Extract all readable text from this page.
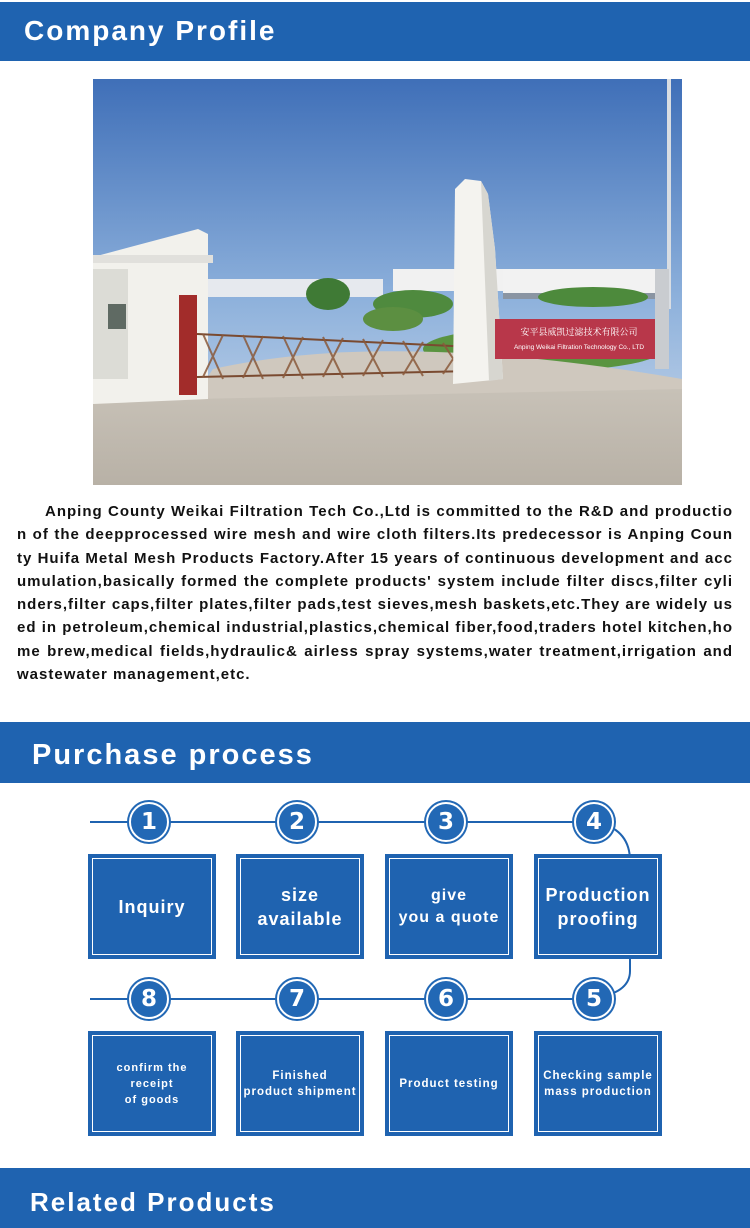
Company Profile
安平县威凯过滤技术有限公司
Anping Weikai Filtration Technology Co., LTD

Anping County Weikai Filtration Tech Co.,Ltd is committed to the R&D and production of the deepprocessed wire mesh and wire cloth filters.Its predecessor is Anping County Huifa Metal Mesh Products Factory.After 15 years of continuous development and accumulation,basically formed the complete products' system include filter discs,filter cylinders,filter caps,filter plates,filter pads,test sieves,mesh baskets,etc.They are widely used in petroleum,chemical industrial,plastics,chemical fiber,food,traders hotel kitchen,home brew,medical fields,hydraulic& airless spray systems,water treatment,irrigation and wastewater management,etc.

Purchase process
1	2	3	4
Inquiry
size
available
give
you a quote
Production
proofing
8	7	6	5
confirm the receipt
of goods
Finished
product shipment
Product testing
Checking sample
mass production
Related Products
